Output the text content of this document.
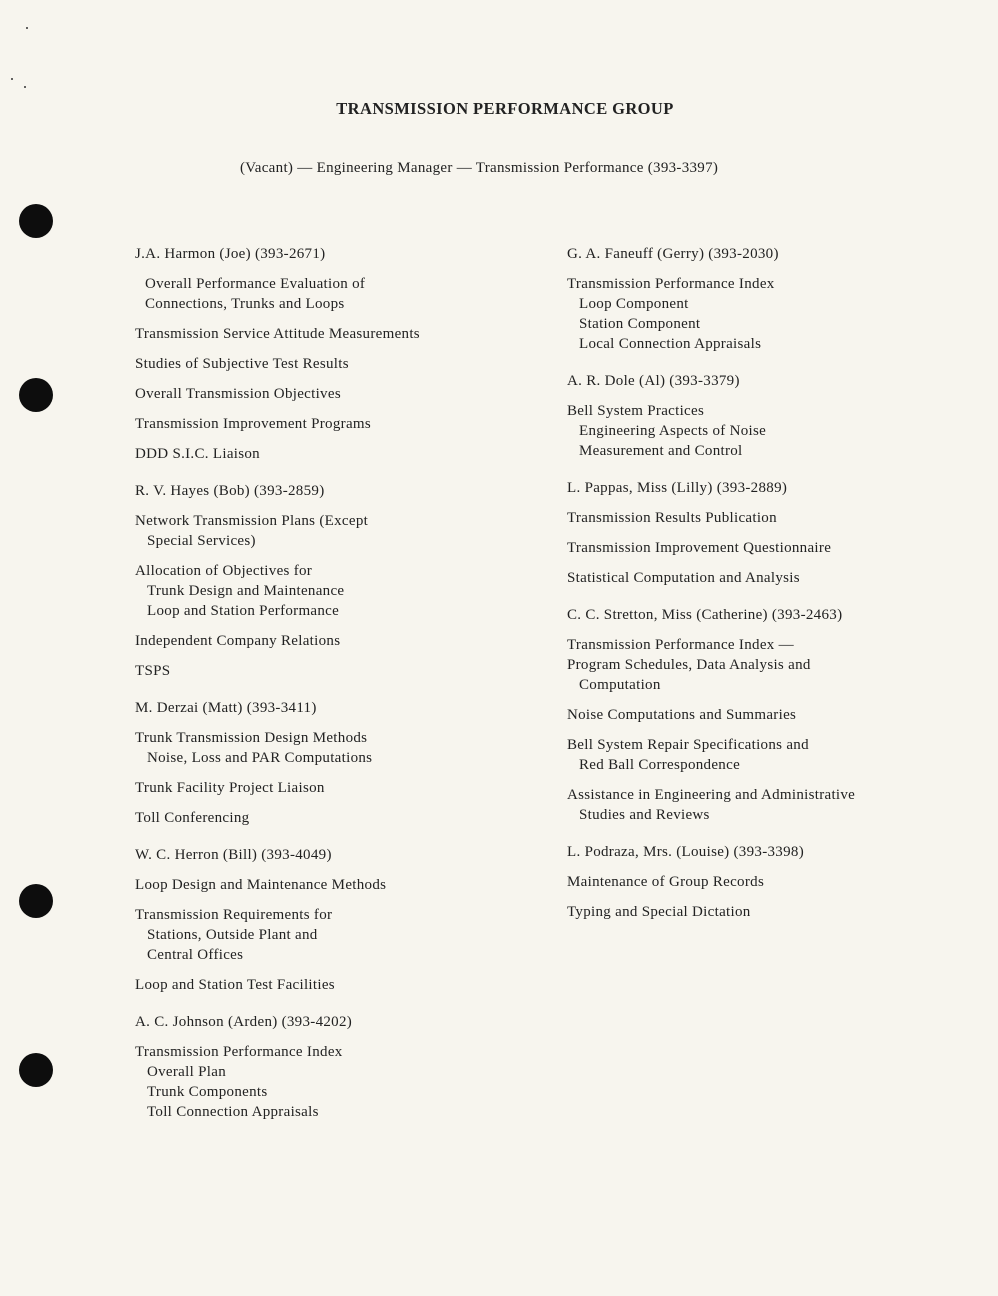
TRANSMISSION PERFORMANCE GROUP
(Vacant) — Engineering Manager — Transmission Performance (393-3397)
J.A. Harmon (Joe) (393-2671)
Overall Performance Evaluation of
Connections, Trunks and Loops
Transmission Service Attitude Measurements
Studies of Subjective Test Results
Overall Transmission Objectives
Transmission Improvement Programs
DDD S.I.C. Liaison
R. V. Hayes (Bob) (393-2859)
Network Transmission Plans (Except
Special Services)
Allocation of Objectives for
Trunk Design and Maintenance
Loop and Station Performance
Independent Company Relations
TSPS
M. Derzai (Matt) (393-3411)
Trunk Transmission Design Methods
Noise, Loss and PAR Computations
Trunk Facility Project Liaison
Toll Conferencing
W. C. Herron (Bill) (393-4049)
Loop Design and Maintenance Methods
Transmission Requirements for
Stations, Outside Plant and
Central Offices
Loop and Station Test Facilities
A. C. Johnson (Arden) (393-4202)
Transmission Performance Index
Overall Plan
Trunk Components
Toll Connection Appraisals
G. A. Faneuff (Gerry) (393-2030)
Transmission Performance Index
Loop Component
Station Component
Local Connection Appraisals
A. R. Dole (Al) (393-3379)
Bell System Practices
Engineering Aspects of Noise
Measurement and Control
L. Pappas, Miss (Lilly) (393-2889)
Transmission Results Publication
Transmission Improvement Questionnaire
Statistical Computation and Analysis
C. C. Stretton, Miss (Catherine) (393-2463)
Transmission Performance Index —
Program Schedules, Data Analysis and
Computation
Noise Computations and Summaries
Bell System Repair Specifications and
Red Ball Correspondence
Assistance in Engineering and Administrative
Studies and Reviews
L. Podraza, Mrs. (Louise) (393-3398)
Maintenance of Group Records
Typing and Special Dictation
